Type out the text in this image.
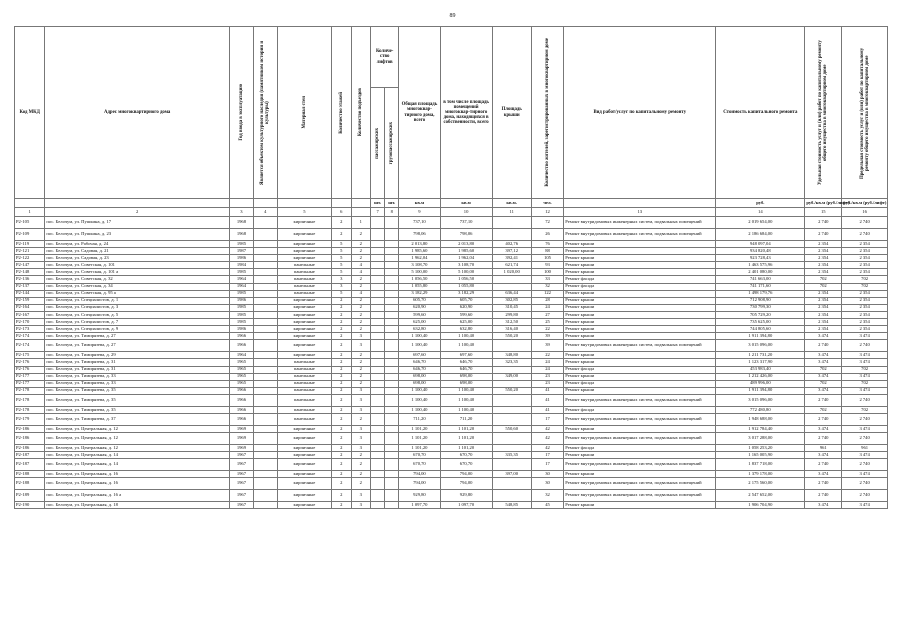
89
Код МКД	Адрес многоквартирного дома	Год ввода в эксплуатацию	Является объектом культурного наследия (памятником истории и культуры)	Материал стен	Количество этажей	Количество подъездов	Количе-ство лифтов		Общая площадь многоквар-тирного дома, всего	в том числе площадь помещений многоквар-тирного дома, находящихся в собственности, всего	Площадь крыши	Количество жителей, зарегистрированных в многоквартирном доме	Вид работ/услуг по капитальному ремонту	Стоимость капитального ремонта	Удельная стоимость услуг и (или) работ по капитальному ремонту общего имущества в многоквартирном доме	Предельная стоимость услуг и (или) работ по капитальному ремонту общего имущества в многоквартирном доме

							пассажирских	грузопассажирских								

							шт.	шт.	кв.м	кв.м	кв.м.	чел.		руб.	руб./кв.м (руб./лифт)	руб./кв.м (руб./лифт)
1	2	3	4	5	6		7	8	9	10	11	12	13	14	15	16
Р2-105	пос. Белочум, ул. Пушкина, д. 17	1968		кирпичные	2	1			737,10	737,10		72	Ремонт внутридомовых инженерных систем, подвальных помещений	2 019 654,00	2 740	2 740
Р2-109	пос. Белочум, ул. Пушкина, д. 23	1968		кирпичные	2	2			798,06	798,06		26	Ремонт внутридомовых инженерных систем, подвальных помещений	2 186 684,00	2 740	2 740
Р2-119	пос. Белочум, ул. Рабочая, д. 24	1985		кирпичные	5	2			2 013,80	2 013,80	402,76	76	Ремонт крыши	948 097,04	2 354	2 354
Р2-121	пос. Белочум, ул. Садовая, д. 21	1987		кирпичные	5	2			1 985,60	1 985,60	397,12	88	Ремонт крыши	934 820,48	2 354	2 354
Р2-122	пос. Белочум, ул. Садовая, д. 23	1986		кирпичные	5	2			1 962,04	1 962,04	392,41	105	Ремонт крыши	923 728,43	2 354	2 354
Р2-147	пос. Белочум, ул. Советская, д. 101	1984		панельные	5	4			3 108,70	3 108,70	621,74	93	Ремонт крыши	1 463 575,96	2 354	2 354
Р2-148	пос. Белочум, ул. Советская, д. 101 а	1985		панельные	5	4			5 100,00	5 100,00	1 020,00	100	Ремонт крыши	2 401 080,00	2 354	2 354
Р2-136	пос. Белочум, ул. Советская, д. 32	1964		панельные	3	2			1 056,50	1 056,50		33	Ремонт фасада	741 663,00	702	702
Р2-137	пос. Белочум, ул. Советская, д. 34	1964		панельные	3	2			1 055,80	1 055,80		32	Ремонт фасада	741 171,60	702	702
Р2-144	пос. Белочум, ул. Советская, д. 95 а	1985		панельные	5	4			3 182,29	3 182,29	636,44	122	Ремонт крыши	1 498 179,76	2 354	2 354
Р2-159	пос. Белочум, ул. Специалистов, д. 1	1986		кирпичные	2	2			605,70	605,70	302,85	28	Ремонт крыши	712 908,90	2 354	2 354
Р2-164	пос. Белочум, ул. Специалистов, д. 3	1985		кирпичные	2	2			620,90	620,90	310,45	24	Ремонт крыши	730 799,30	2 354	2 354
Р2-167	пос. Белочум, ул. Специалистов, д. 5	1985		кирпичные	2	2			599,60	599,60	299,80	27	Ремонт крыши	705 729,20	2 354	2 354
Р2-170	пос. Белочум, ул. Специалистов, д. 7	1985		кирпичные	2	2			625,00	625,00	312,50	25	Ремонт крыши	735 625,00	2 354	2 354
Р2-173	пос. Белочум, ул. Специалистов, д. 9	1986		кирпичные	2	2			632,80	632,80	316,40	22	Ремонт крыши	744 805,60	2 354	2 354
Р2-174	пос. Белочум, ул. Тимирязева, д. 27	1966		кирпичные	2	3			1 100,40	1 100,40	550,20	39	Ремонт крыши	1 911 394,80	3 474	3 474
Р2-174	пос. Белочум, ул. Тимирязева, д. 27	1966		кирпичные	2	3			1 100,40	1 100,40		39	Ремонт внутридомовых инженерных систем, подвальных помещений	3 015 096,00	2 740	2 740
Р2-175	пос. Белочум, ул. Тимирязева, д. 29	1964		кирпичные	2	2			697,60	697,60	348,80	22	Ремонт крыши	1 211 731,20	3 474	3 474
Р2-176	пос. Белочум, ул. Тимирязева, д. 31	1965		панельные	2	2			646,70	646,70	323,35	24	Ремонт крыши	1 123 317,90	3 474	3 474
Р2-176	пос. Белочум, ул. Тимирязева, д. 31	1965		панельные	2	2			646,70	646,70		24	Ремонт фасада	453 983,40	702	702
Р2-177	пос. Белочум, ул. Тимирязева, д. 33	1965		панельные	2	2			698,00	698,00	349,00	23	Ремонт крыши	1 212 426,00	3 474	3 474
Р2-177	пос. Белочум, ул. Тимирязева, д. 33	1965		панельные	2	2			698,00	698,00		23	Ремонт фасада	489 996,00	702	702
Р2-178	пос. Белочум, ул. Тимирязева, д. 35	1966		панельные	2	3			1 100,40	1 100,40	550,20	41	Ремонт крыши	1 911 394,80	3 474	3 474
Р2-178	пос. Белочум, ул. Тимирязева, д. 35	1966		панельные	2	3			1 100,40	1 100,40		41	Ремонт внутридомовых инженерных систем, подвальных помещений	3 015 096,00	2 740	2 740
Р2-178	пос. Белочум, ул. Тимирязева, д. 35	1966		панельные	2	3			1 100,40	1 100,40		41	Ремонт фасада	772 480,80	702	702
Р2-179	пос. Белочум, ул. Тимирязева, д. 37	1966		панельные	2	2			711,20	711,20		17	Ремонт внутридомовых инженерных систем, подвальных помещений	1 948 688,00	2 740	2 740
Р2-186	пос. Белочум, ул. Центральная, д. 12	1969		кирпичные	2	3			1 101,20	1 101,20	550,60	42	Ремонт крыши	1 912 784,40	3 474	3 474
Р2-186	пос. Белочум, ул. Центральная, д. 12	1969		кирпичные	2	3			1 101,20	1 101,20		42	Ремонт внутридомовых инженерных систем, подвальных помещений	3 017 288,00	2 740	2 740
Р2-186	пос. Белочум, ул. Центральная, д. 12	1969		кирпичные	2	3			1 101,20	1 101,20		42	Ремонт фасада	1 058 253,20	961	961
Р2-187	пос. Белочум, ул. Центральная, д. 14	1967		кирпичные	2	2			670,70	670,70	335,35	17	Ремонт крыши	1 165 005,90	3 474	3 474
Р2-187	пос. Белочум, ул. Центральная, д. 14	1967		кирпичные	2	2			670,70	670,70		17	Ремонт внутридомовых инженерных систем, подвальных помещений	1 837 718,00	2 740	2 740
Р2-188	пос. Белочум, ул. Центральная, д. 16	1967		кирпичные	2	2			794,00	794,00	397,00	30	Ремонт крыши	1 379 178,00	3 474	3 474
Р2-188	пос. Белочум, ул. Центральная, д. 16	1967		кирпичные	2	2			794,00	794,00		30	Ремонт внутридомовых инженерных систем, подвальных помещений	2 175 560,00	2 740	2 740
Р2-189	пос. Белочум, ул. Центральная, д. 16 а	1967		кирпичные	2	3			929,80	929,80		32	Ремонт внутридомовых инженерных систем, подвальных помещений	2 547 652,00	2 740	2 740
Р2-190	пос. Белочум, ул. Центральная, д. 18	1967		кирпичные	2	3			1 097,70	1 097,70	548,85	45	Ремонт крыши	1 906 704,90	3 474	3 474
